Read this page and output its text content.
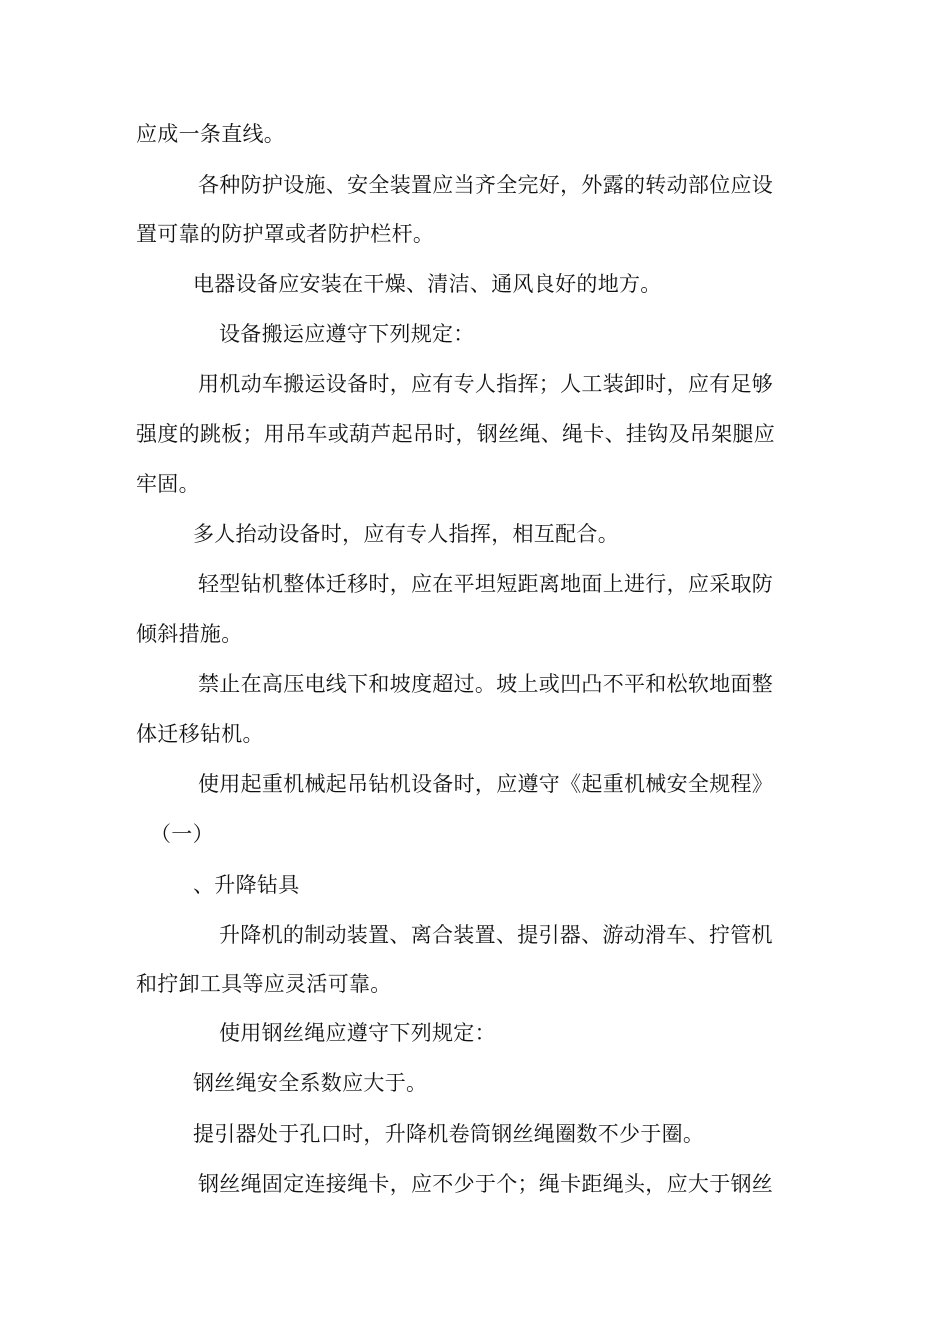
应成一条直线。
各种防护设施、安全装置应当齐全完好，外露的转动部位应设
置可靠的防护罩或者防护栏杆。
电器设备应安装在干燥、清洁、通风良好的地方。
设备搬运应遵守下列规定：
用机动车搬运设备时，应有专人指挥；人工装卸时，应有足够
强度的跳板；用吊车或葫芦起吊时，钢丝绳、绳卡、挂钩及吊架腿应
牢固。
多人抬动设备时，应有专人指挥，相互配合。
轻型钻机整体迁移时，应在平坦短距离地面上进行，应采取防
倾斜措施。
禁止在高压电线下和坡度超过。坡上或凹凸不平和松软地面整
体迁移钻机。
使用起重机械起吊钻机设备时，应遵守《起重机械安全规程》
（一）
、升降钻具
升降机的制动装置、离合装置、提引器、游动滑车、拧管机
和拧卸工具等应灵活可靠。
使用钢丝绳应遵守下列规定：
钢丝绳安全系数应大于。
提引器处于孔口时，升降机卷筒钢丝绳圈数不少于圈。
钢丝绳固定连接绳卡，应不少于个；绳卡距绳头，应大于钢丝
